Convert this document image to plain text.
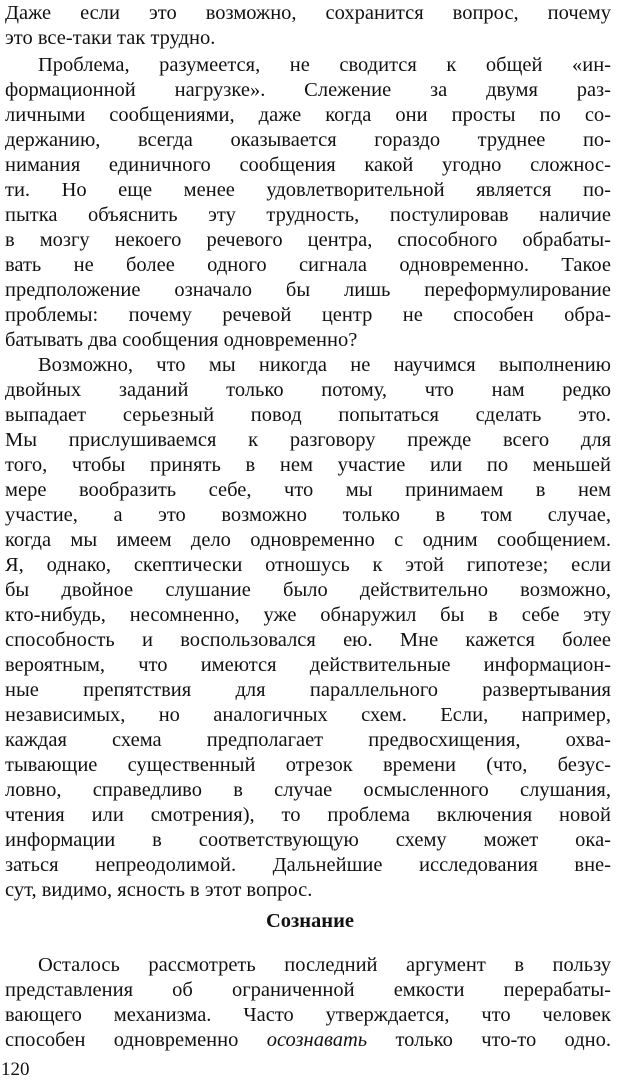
Даже если это возможно, сохранится вопрос, почему
это все-таки так трудно.
Проблема, разумеется, не сводится к общей «ин-
формационной нагрузке». Слежение за двумя раз-
личными сообщениями, даже когда они просты по со-
держанию, всегда оказывается гораздо труднее по-
нимания единичного сообщения какой угодно сложнос-
ти. Но еще менее удовлетворительной является по-
пытка объяснить эту трудность, постулировав наличие
в мозгу некоего речевого центра, способного обрабаты-
вать не более одного сигнала одновременно. Такое
предположение означало бы лишь переформулирование
проблемы: почему речевой центр не способен обра-
батывать два сообщения одновременно?
Возможно, что мы никогда не научимся выполнению
двойных заданий только потому, что нам редко
выпадает серьезный повод попытаться сделать это.
Мы прислушиваемся к разговору прежде всего для
того, чтобы принять в нем участие или по меньшей
мере вообразить себе, что мы принимаем в нем
участие, а это возможно только в том случае,
когда мы имеем дело одновременно с одним сообщением.
Я, однако, скептически отношусь к этой гипотезе; если
бы двойное слушание было действительно возможно,
кто-нибудь, несомненно, уже обнаружил бы в себе эту
способность и воспользовался ею. Мне кажется более
вероятным, что имеются действительные информацион-
ные препятствия для параллельного развертывания
независимых, но аналогичных схем. Если, например,
каждая схема предполагает предвосхищения, охва-
тывающие существенный отрезок времени (что, безус-
ловно, справедливо в случае осмысленного слушания,
чтения или смотрения), то проблема включения новой
информации в соответствующую схему может ока-
заться непреодолимой. Дальнейшие исследования вне-
сут, видимо, ясность в этот вопрос.
Сознание
Осталось рассмотреть последний аргумент в пользу
представления об ограниченной емкости перерабаты-
вающего механизма. Часто утверждается, что человек
способен одновременно осознавать только что-то одно.
120
